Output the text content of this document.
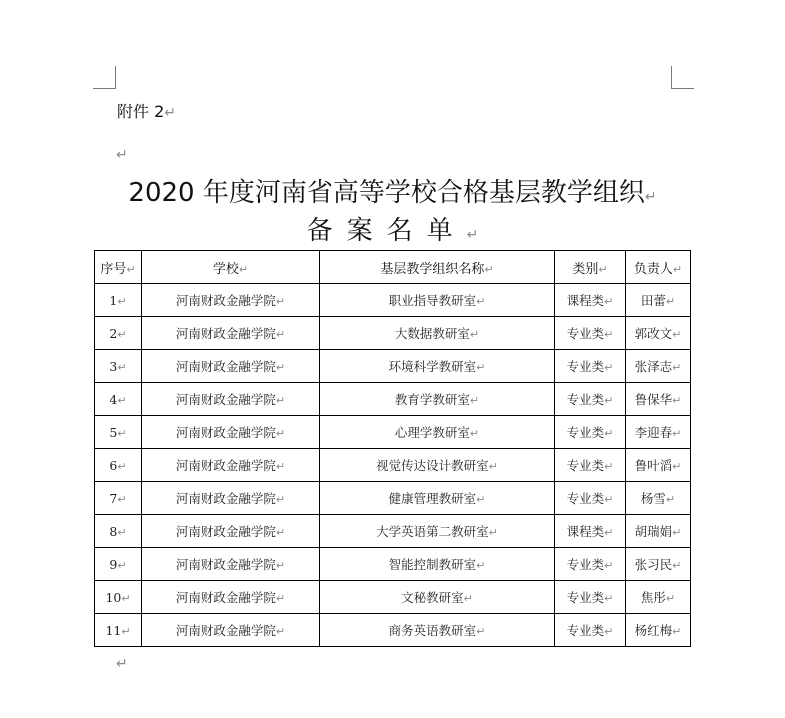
附件 2↵
↵
2020 年度河南省高等学校合格基层教学组织↵
备案名单↵
序号↵	学校↵	基层教学组织名称↵	类别↵	负责人↵
1↵	河南财政金融学院↵	职业指导教研室↵	课程类↵	田蕾↵
2↵	河南财政金融学院↵	大数据教研室↵	专业类↵	郭改文↵
3↵	河南财政金融学院↵	环境科学教研室↵	专业类↵	张泽志↵
4↵	河南财政金融学院↵	教育学教研室↵	专业类↵	鲁保华↵
5↵	河南财政金融学院↵	心理学教研室↵	专业类↵	李迎春↵
6↵	河南财政金融学院↵	视觉传达设计教研室↵	专业类↵	鲁叶滔↵
7↵	河南财政金融学院↵	健康管理教研室↵	专业类↵	杨雪↵
8↵	河南财政金融学院↵	大学英语第二教研室↵	课程类↵	胡瑞娟↵
9↵	河南财政金融学院↵	智能控制教研室↵	专业类↵	张习民↵
10↵	河南财政金融学院↵	文秘教研室↵	专业类↵	焦彤↵
11↵	河南财政金融学院↵	商务英语教研室↵	专业类↵	杨红梅↵
↵
